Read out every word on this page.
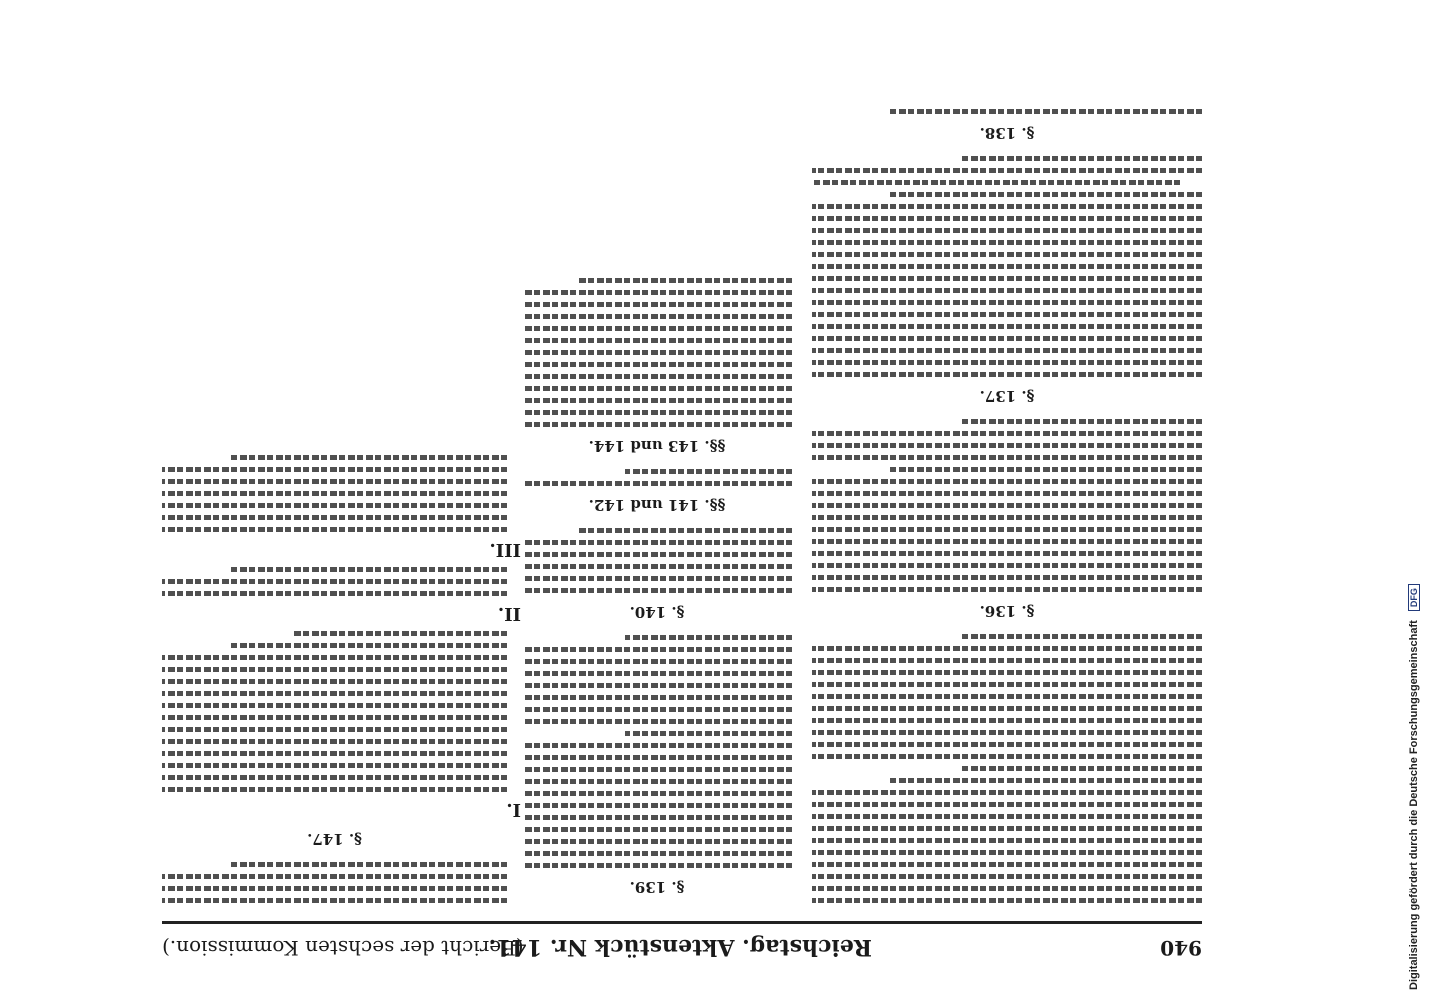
940
Reichstag. Aktenstück Nr. 141.
(Bericht der sechsten Kommission.)
§. 136.
§. 137.
§. 138.
§. 139.
§. 140.
§§. 141 und 142.
§§. 143 und 144.
§. 147.
I.
II.
III.
Digitalisierung gefördert durch die Deutsche Forschungsgemeinschaft DFG
